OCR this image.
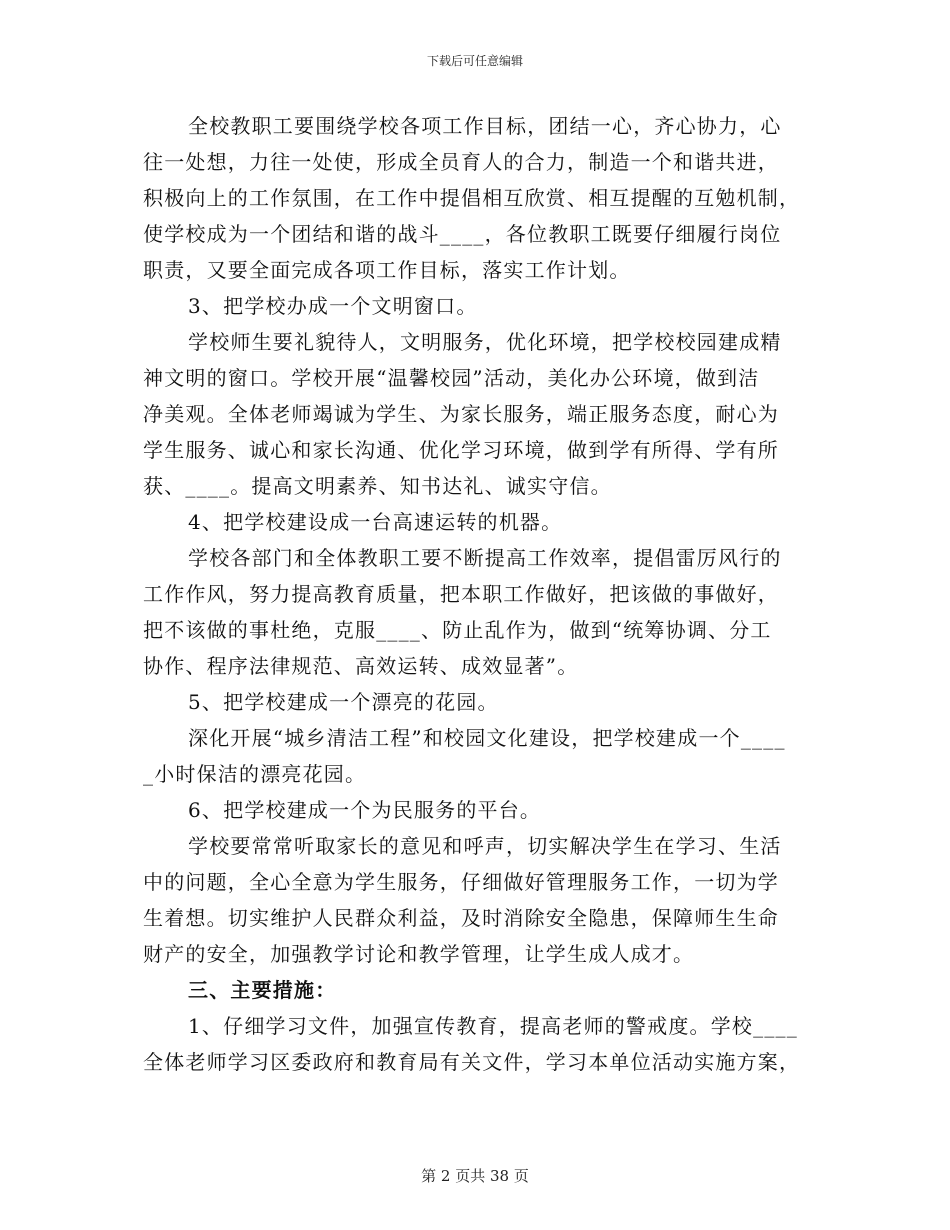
下载后可任意编辑
全校教职工要围绕学校各项工作目标，团结一心，齐心协力，心
往一处想，力往一处使，形成全员育人的合力，制造一个和谐共进，
积极向上的工作氛围，在工作中提倡相互欣赏、相互提醒的互勉机制，
使学校成为一个团结和谐的战斗____，各位教职工既要仔细履行岗位
职责，又要全面完成各项工作目标，落实工作计划。
3、把学校办成一个文明窗口。
学校师生要礼貌待人，文明服务，优化环境，把学校校园建成精
神文明的窗口。学校开展“温馨校园”活动，美化办公环境，做到洁
净美观。全体老师竭诚为学生、为家长服务，端正服务态度，耐心为
学生服务、诚心和家长沟通、优化学习环境，做到学有所得、学有所
获、____。提高文明素养、知书达礼、诚实守信。
4、把学校建设成一台高速运转的机器。
学校各部门和全体教职工要不断提高工作效率，提倡雷厉风行的
工作作风，努力提高教育质量，把本职工作做好，把该做的事做好，
把不该做的事杜绝，克服____、防止乱作为，做到“统筹协调、分工
协作、程序法律规范、高效运转、成效显著”。
5、把学校建成一个漂亮的花园。
深化开展“城乡清洁工程”和校园文化建设，把学校建成一个____
_小时保洁的漂亮花园。
6、把学校建成一个为民服务的平台。
学校要常常听取家长的意见和呼声，切实解决学生在学习、生活
中的问题，全心全意为学生服务，仔细做好管理服务工作，一切为学
生着想。切实维护人民群众利益，及时消除安全隐患，保障师生生命
财产的安全，加强教学讨论和教学管理，让学生成人成才。
三、主要措施：
1、仔细学习文件，加强宣传教育，提高老师的警戒度。学校____
全体老师学习区委政府和教育局有关文件，学习本单位活动实施方案，
第 2 页共 38 页
